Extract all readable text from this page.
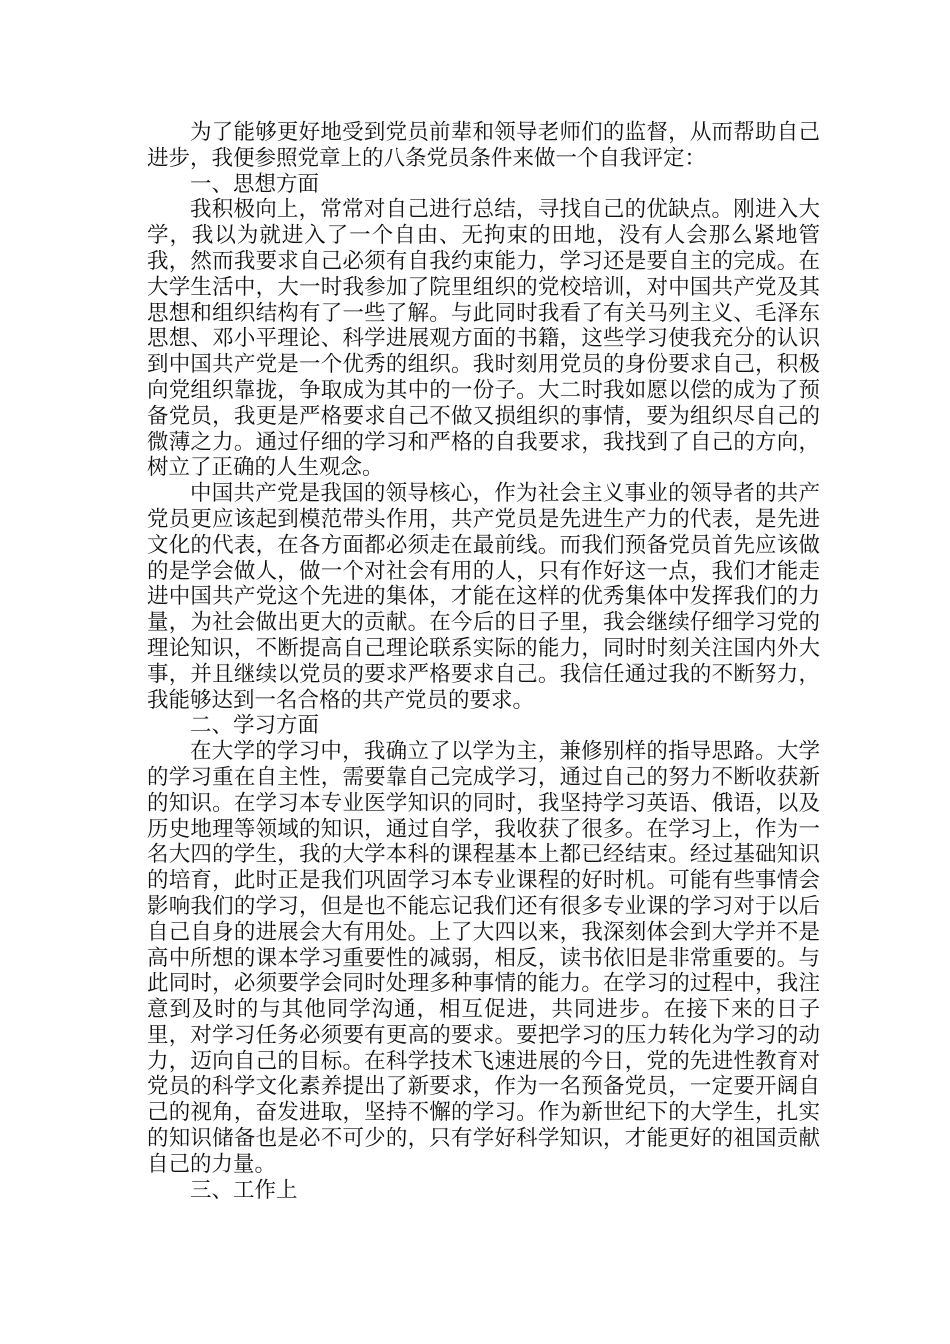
为了能够更好地受到党员前辈和领导老师们的监督，从而帮助自己进步，我便参照党章上的八条党员条件来做一个自我评定：

一、思想方面

我积极向上，常常对自己进行总结，寻找自己的优缺点。刚进入大学，我以为就进入了一个自由、无拘束的田地，没有人会那么紧地管我，然而我要求自己必须有自我约束能力，学习还是要自主的完成。在大学生活中，大一时我参加了院里组织的党校培训，对中国共产党及其思想和组织结构有了一些了解。与此同时我看了有关马列主义、毛泽东思想、邓小平理论、科学进展观方面的书籍，这些学习使我充分的认识到中国共产党是一个优秀的组织。我时刻用党员的身份要求自己，积极向党组织靠拢，争取成为其中的一份子。大二时我如愿以偿的成为了预备党员，我更是严格要求自己不做又损组织的事情，要为组织尽自己的微薄之力。通过仔细的学习和严格的自我要求，我找到了自己的方向，树立了正确的人生观念。

中国共产党是我国的领导核心，作为社会主义事业的领导者的共产党员更应该起到模范带头作用，共产党员是先进生产力的代表，是先进文化的代表，在各方面都必须走在最前线。而我们预备党员首先应该做的是学会做人，做一个对社会有用的人，只有作好这一点，我们才能走进中国共产党这个先进的集体，才能在这样的优秀集体中发挥我们的力量，为社会做出更大的贡献。在今后的日子里，我会继续仔细学习党的理论知识，不断提高自己理论联系实际的能力，同时时刻关注国内外大事，并且继续以党员的要求严格要求自己。我信任通过我的不断努力，我能够达到一名合格的共产党员的要求。

二、学习方面

在大学的学习中，我确立了以学为主，兼修别样的指导思路。大学的学习重在自主性，需要靠自己完成学习，通过自己的努力不断收获新的知识。在学习本专业医学知识的同时，我坚持学习英语、俄语，以及历史地理等领域的知识，通过自学，我收获了很多。在学习上，作为一名大四的学生，我的大学本科的课程基本上都已经结束。经过基础知识的培育，此时正是我们巩固学习本专业课程的好时机。可能有些事情会影响我们的学习，但是也不能忘记我们还有很多专业课的学习对于以后自己自身的进展会大有用处。上了大四以来，我深刻体会到大学并不是高中所想的课本学习重要性的减弱，相反，读书依旧是非常重要的。与此同时，必须要学会同时处理多种事情的能力。在学习的过程中，我注意到及时的与其他同学沟通，相互促进，共同进步。在接下来的日子里，对学习任务必须要有更高的要求。要把学习的压力转化为学习的动力，迈向自己的目标。在科学技术飞速进展的今日，党的先进性教育对党员的科学文化素养提出了新要求，作为一名预备党员，一定要开阔自己的视角，奋发进取，坚持不懈的学习。作为新世纪下的大学生，扎实的知识储备也是必不可少的，只有学好科学知识，才能更好的祖国贡献自己的力量。

三、工作上
